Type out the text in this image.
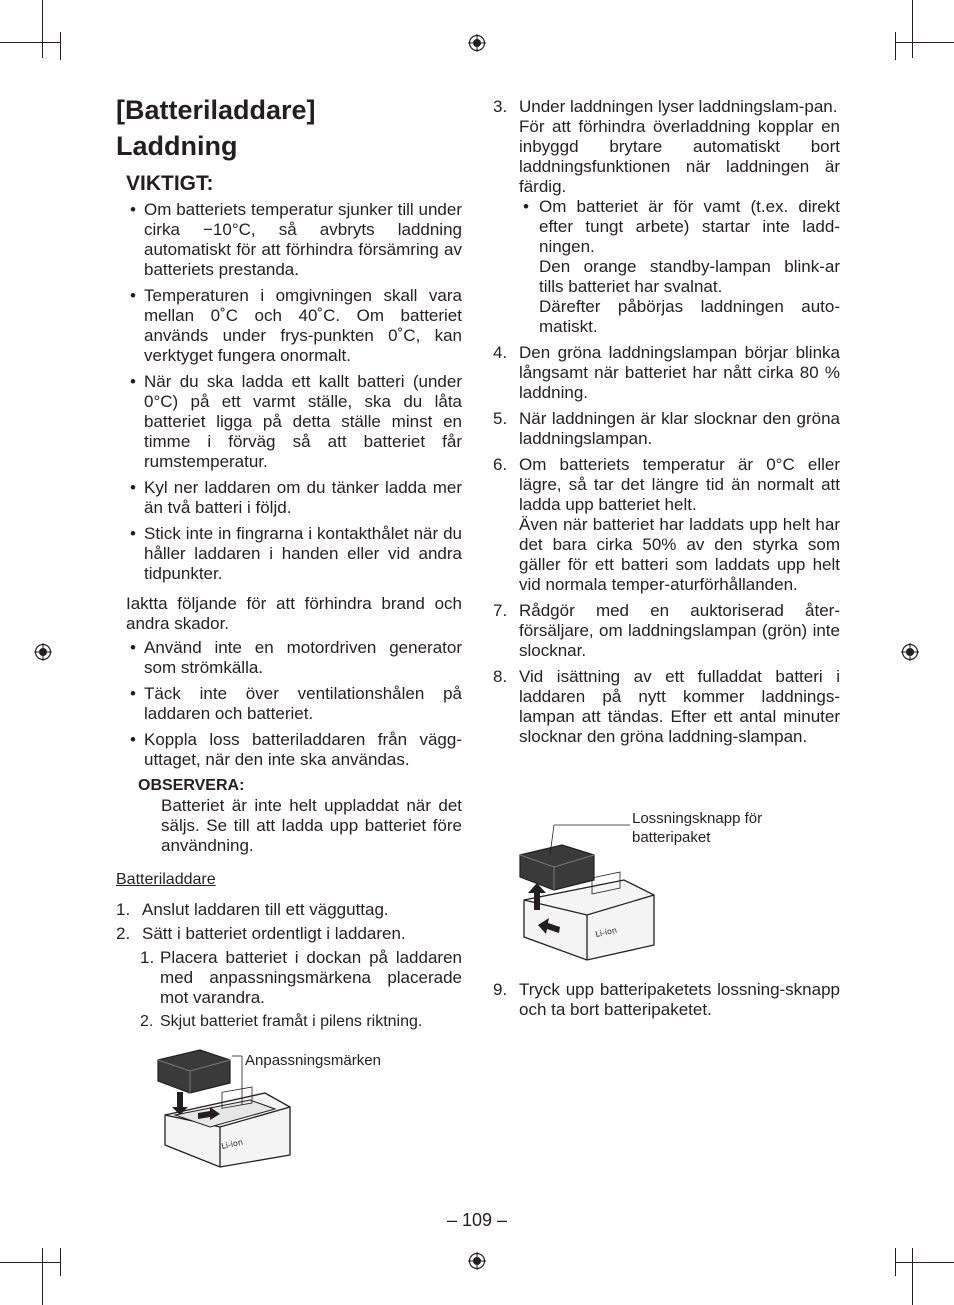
[Batteriladdare]
Laddning
VIKTIGT:
• Om batteriets temperatur sjunker till under cirka −10°C, så avbryts laddning automatiskt för att förhindra försämring av batteriets prestanda.
• Temperaturen i omgivningen skall vara mellan 0˚C och 40˚C. Om batteriet används under frys-punkten 0˚C, kan verktyget fungera onormalt.
• När du ska ladda ett kallt batteri (under 0°C) på ett varmt ställe, ska du låta batteriet ligga på detta ställe minst en timme i förväg så att batteriet får rumstemperatur.
• Kyl ner laddaren om du tänker ladda mer än två batteri i följd.
• Stick inte in fingrarna i kontakthålet när du håller laddaren i handen eller vid andra tidpunkter.
Iaktta följande för att förhindra brand och andra skador.
• Använd inte en motordriven generator som strömkälla.
• Täck inte över ventilationshålen på laddaren och batteriet.
• Koppla loss batteriladdaren från vägg-uttaget, när den inte ska användas.
OBSERVERA:
Batteriet är inte helt uppladdat när det säljs. Se till att ladda upp batteriet före användning.
Batteriladdare
1. Anslut laddaren till ett vägguttag.
2. Sätt i batteriet ordentligt i laddaren.
1. Placera batteriet i dockan på laddaren med anpassningsmärkena placerade mot varandra.
2. Skjut batteriet framåt i pilens riktning.
Li-ion
Anpassningsmärken
3. Under laddningen lyser laddningslam-pan.
För att förhindra överladdning kopplar en inbyggd brytare automatiskt bort laddningsfunktionen när laddningen är färdig.
• Om batteriet är för vamt (t.ex. direkt efter tungt arbete) startar inte ladd-ningen.
Den orange standby-lampan blink-ar tills batteriet har svalnat.
Därefter påbörjas laddningen auto-matiskt.
4. Den gröna laddningslampan börjar blinka långsamt när batteriet har nått cirka 80 % laddning.
5. När laddningen är klar slocknar den gröna laddningslampan.
6. Om batteriets temperatur är 0°C eller lägre, så tar det längre tid än normalt att ladda upp batteriet helt.
Även när batteriet har laddats upp helt har det bara cirka 50% av den styrka som gäller för ett batteri som laddats upp helt vid normala temper-aturförhållanden.
7. Rådgör med en auktoriserad åter-försäljare, om laddningslampan (grön) inte slocknar.
8. Vid isättning av ett fulladdat batteri i laddaren på nytt kommer laddnings-lampan att tändas. Efter ett antal minuter slocknar den gröna laddning-slampan.
Li-ion
Lossningsknapp för batteripaket
9. Tryck upp batteripaketets lossning-sknapp och ta bort batteripaketet.
– 109 –
